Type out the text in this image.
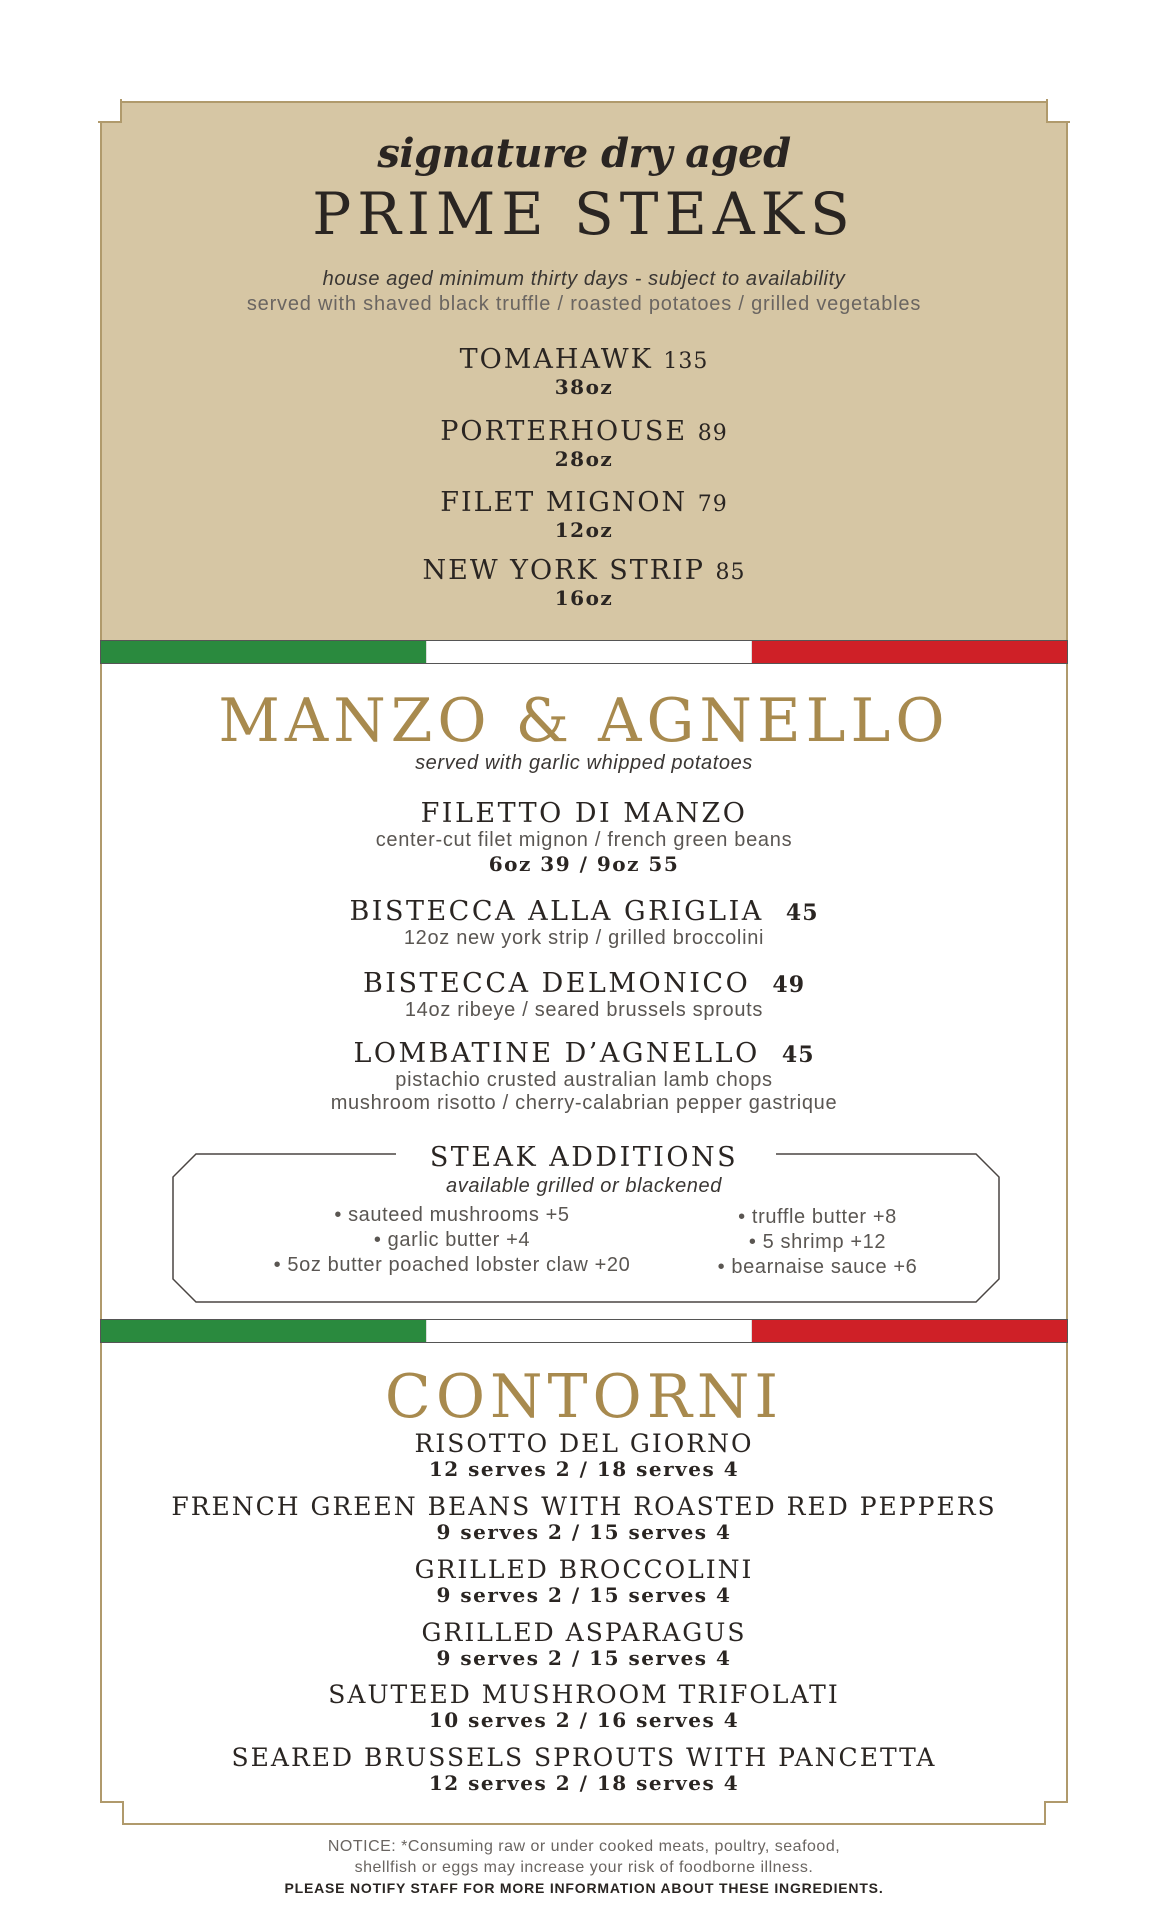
signature dry aged
PRIME STEAKS
house aged minimum thirty days - subject to availability
served with shaved black truffle / roasted potatoes / grilled vegetables
TOMAHAWK 135
38oz
PORTERHOUSE 89
28oz
FILET MIGNON 79
12oz
NEW YORK STRIP 85
16oz
MANZO & AGNELLO
served with garlic whipped potatoes
FILETTO DI MANZO
center-cut filet mignon / french green beans
6oz 39 / 9oz 55
BISTECCA ALLA GRIGLIA 45
12oz new york strip / grilled broccolini
BISTECCA DELMONICO 49
14oz ribeye / seared brussels sprouts
LOMBATINE D’AGNELLO 45
pistachio crusted australian lamb chops
mushroom risotto / cherry-calabrian pepper gastrique
STEAK ADDITIONS
available grilled or blackened
• sauteed mushrooms +5
• garlic butter +4
• 5oz butter poached lobster claw +20
• truffle butter +8
• 5 shrimp +12
• bearnaise sauce +6
CONTORNI
RISOTTO DEL GIORNO
12 serves 2 / 18 serves 4
FRENCH GREEN BEANS WITH ROASTED RED PEPPERS
9 serves 2 / 15 serves 4
GRILLED BROCCOLINI
9 serves 2 / 15 serves 4
GRILLED ASPARAGUS
9 serves 2 / 15 serves 4
SAUTEED MUSHROOM TRIFOLATI
10 serves 2 / 16 serves 4
SEARED BRUSSELS SPROUTS WITH PANCETTA
12 serves 2 / 18 serves 4
NOTICE: *Consuming raw or under cooked meats, poultry, seafood,
shellfish or eggs may increase your risk of foodborne illness.
PLEASE NOTIFY STAFF FOR MORE INFORMATION ABOUT THESE INGREDIENTS.
